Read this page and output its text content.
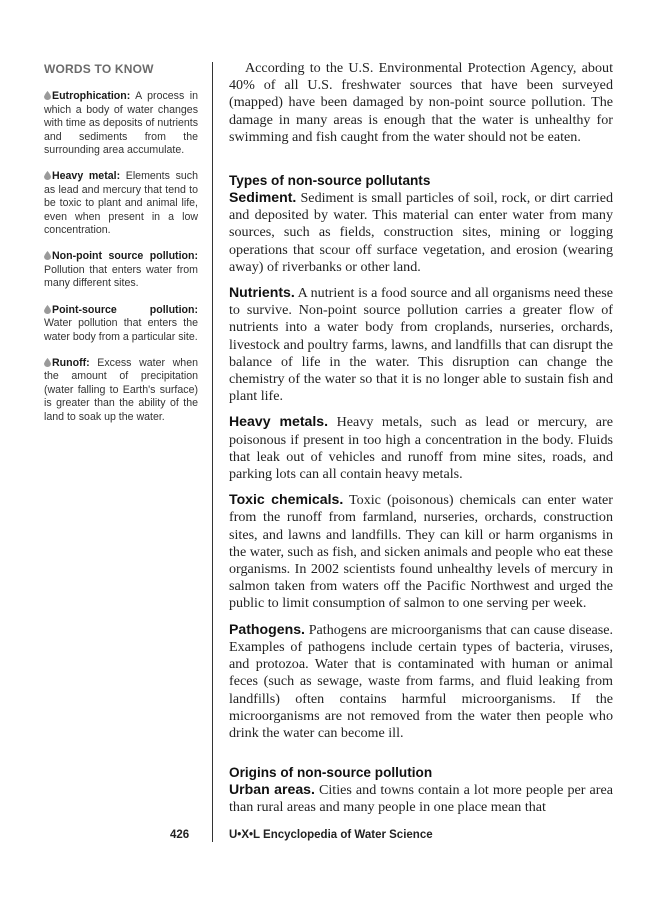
WORDS TO KNOW
Eutrophication: A process in which a body of water changes with time as deposits of nutrients and sediments from the surrounding area accumulate.
Heavy metal: Elements such as lead and mercury that tend to be toxic to plant and animal life, even when present in a low concentration.
Non-point source pollution: Pollution that enters water from many different sites.
Point-source pollution: Water pollution that enters the water body from a particular site.
Runoff: Excess water when the amount of precipitation (water falling to Earth's surface) is greater than the ability of the land to soak up the water.

According to the U.S. Environmental Protection Agency, about 40% of all U.S. freshwater sources that have been surveyed (mapped) have been damaged by non-point source pollution. The damage in many areas is enough that the water is unhealthy for swimming and fish caught from the water should not be eaten.

Types of non-source pollutants

Sediment. Sediment is small particles of soil, rock, or dirt carried and deposited by water. This material can enter water from many sources, such as fields, construction sites, mining or logging operations that scour off surface vegetation, and erosion (wearing away) of riverbanks or other land.

Nutrients. A nutrient is a food source and all organisms need these to survive. Non-point source pollution carries a greater flow of nutrients into a water body from croplands, nurseries, orchards, livestock and poultry farms, lawns, and landfills that can disrupt the balance of life in the water. This disruption can change the chemistry of the water so that it is no longer able to sustain fish and plant life.

Heavy metals. Heavy metals, such as lead or mercury, are poisonous if present in too high a concentration in the body. Fluids that leak out of vehicles and runoff from mine sites, roads, and parking lots can all contain heavy metals.

Toxic chemicals. Toxic (poisonous) chemicals can enter water from the runoff from farmland, nurseries, orchards, construction sites, and lawns and landfills. They can kill or harm organisms in the water, such as fish, and sicken animals and people who eat these organisms. In 2002 scientists found unhealthy levels of mercury in salmon taken from waters off the Pacific Northwest and urged the public to limit consumption of salmon to one serving per week.

Pathogens. Pathogens are microorganisms that can cause disease. Examples of pathogens include certain types of bacteria, viruses, and protozoa. Water that is contaminated with human or animal feces (such as sewage, waste from farms, and fluid leaking from landfills) often contains harmful microorganisms. If the microorganisms are not removed from the water then people who drink the water can become ill.

Origins of non-source pollution

Urban areas. Cities and towns contain a lot more people per area than rural areas and many people in one place mean that

426	U•X•L Encyclopedia of Water Science
